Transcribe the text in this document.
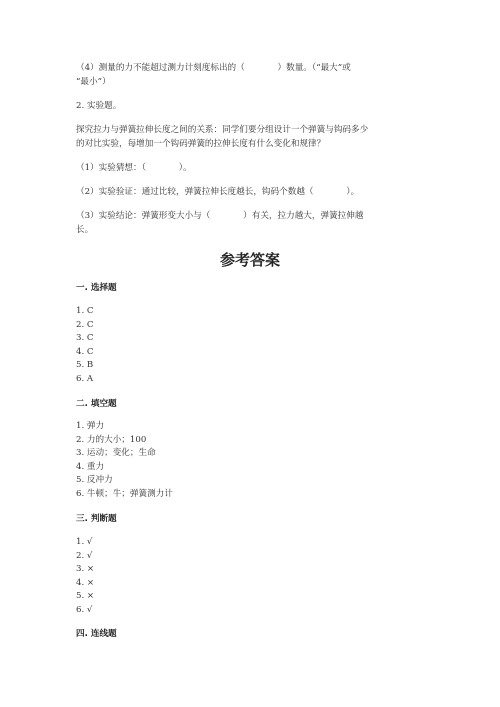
（4）测量的力不能超过测力计刻度标出的（            ）数量。（“最大”或
“最小”）
2. 实验题。
探究拉力与弹簧拉伸长度之间的关系：同学们要分组设计一个弹簧与钩码多少
的对比实验，每增加一个钩码弹簧的拉伸长度有什么变化和规律？
（1）实验猜想：（            ）。
（2）实验验证：通过比较，弹簧拉伸长度越长，钩码个数越（            ）。
（3）实验结论：弹簧形变大小与（            ）有关，拉力越大，弹簧拉伸越
长。
参考答案
一. 选择题
1. C
2. C
3. C
4. C
5. B
6. A
二. 填空题
1. 弹力
2. 力的大小；100
3. 运动；变化；生命
4. 重力
5. 反冲力
6. 牛顿；牛；弹簧测力计
三. 判断题
1. √
2. √
3. ×
4. ×
5. ×
6. √
四. 连线题
